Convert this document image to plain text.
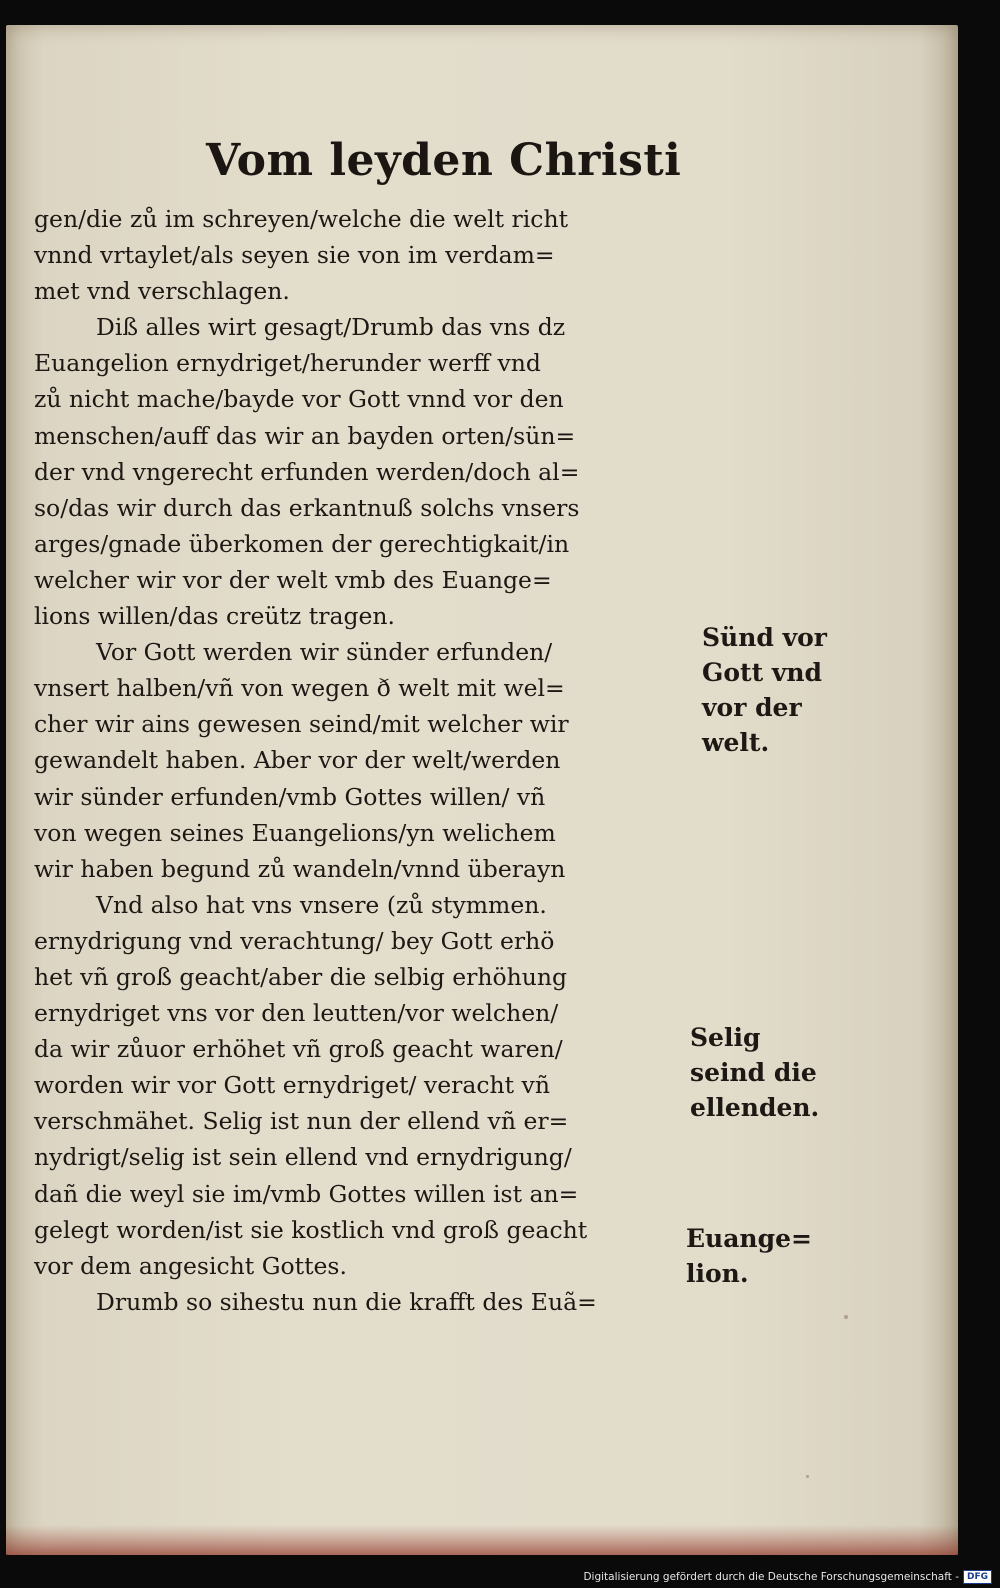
Vom leyden Christi
gen/die zů im schreyen/welche die welt richt
vnnd vrtaylet/als seyen sie von im verdam=
met vnd verschlagen.
Diß alles wirt gesagt/Drumb das vns dz
Euangelion ernydriget/herunder werff vnd
zů nicht mache/bayde vor Gott vnnd vor den
menschen/auff das wir an bayden orten/sün=
der vnd vngerecht erfunden werden/doch al=
so/das wir durch das erkantnuß solchs vnsers
arges/gnade überkomen der gerechtigkait/in
welcher wir vor der welt vmb des Euange=
lions willen/das creütz tragen.
Vor Gott werden wir sünder erfunden/
vnsert halben/vñ von wegen ð welt mit wel=
cher wir ains gewesen seind/mit welcher wir
gewandelt haben. Aber vor der welt/werden
wir sünder erfunden/vmb Gottes willen/ vñ
von wegen seines Euangelions/yn welichem
wir haben begund zů wandeln/vnnd überayn
Vnd also hat vns vnsere (zů stymmen.
ernydrigung vnd verachtung/ bey Gott erhö
het vñ groß geacht/aber die selbig erhöhung
ernydriget vns vor den leutten/vor welchen/
da wir zůuor erhöhet vñ groß geacht waren/
worden wir vor Gott ernydriget/ veracht vñ
verschmähet. Selig ist nun der ellend vñ er=
nydrigt/selig ist sein ellend vnd ernydrigung/
dañ die weyl sie im/vmb Gottes willen ist an=
gelegt worden/ist sie kostlich vnd groß geacht
vor dem angesicht Gottes.
Drumb so sihestu nun die krafft des Euã=
Sünd vor
Gott vnd
vor der
welt.
Selig
seind die
ellenden.
Euange=
lion.
Digitalisierung gefördert durch die Deutsche Forschungsgemeinschaft - DFG
